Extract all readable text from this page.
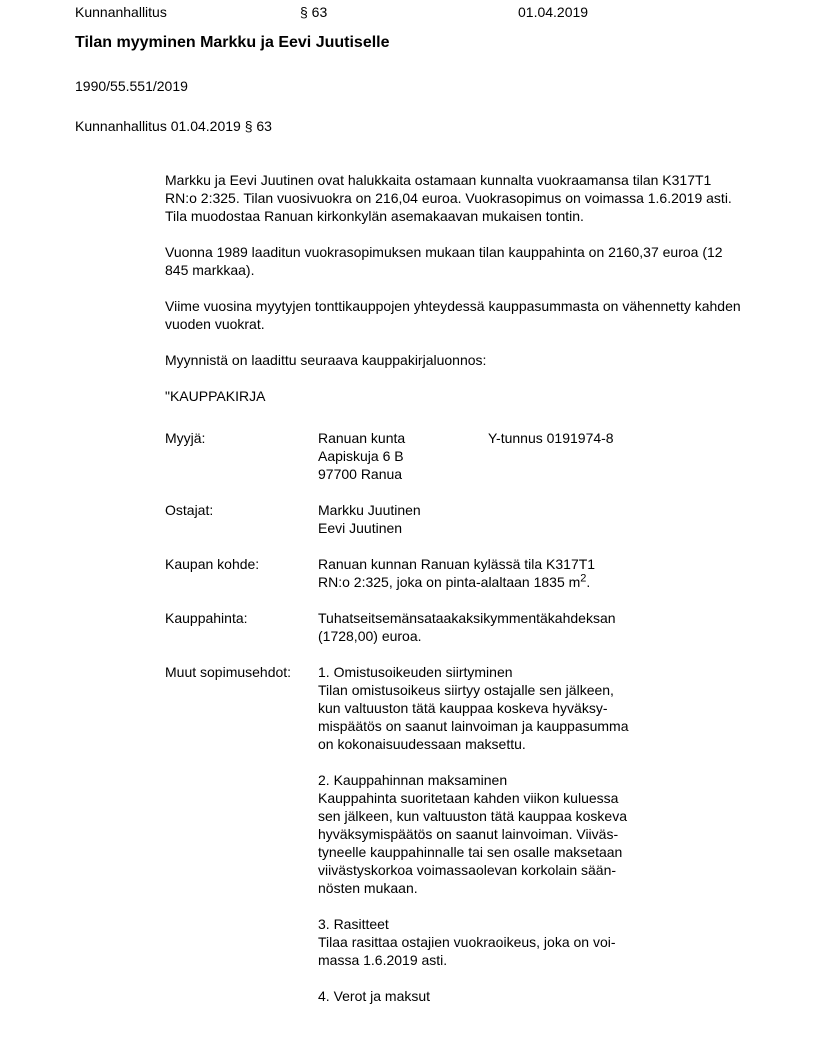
Kunnanhallitus	§ 63	01.04.2019
Tilan myyminen Markku ja Eevi Juutiselle
1990/55.551/2019
Kunnanhallitus 01.04.2019 § 63

Markku ja Eevi Juutinen ovat halukkaita ostamaan kunnalta vuokraamansa tilan K317T1 RN:o 2:325. Tilan vuosivuokra on 216,04 euroa. Vuokrasopimus on voimassa 1.6.2019 asti. Tila muodostaa Ranuan kirkonkylän asemakaavan mukaisen tontin.

Vuonna 1989 laaditun vuokrasopimuksen mukaan tilan kauppahinta on 2160,37 euroa (12 845 markkaa).

Viime vuosina myytyjen tonttikauppojen yhteydessä kauppasummasta on vähennetty kahden vuoden vuokrat.

Myynnistä on laadittu seuraava kauppakirjaluonnos:

"KAUPPAKIRJA
Myyjä:	Ranuan kunta
Aapiskuja 6 B
97700 Ranua
Y-tunnus 0191974-8
Ostajat:	Markku Juutinen
Eevi Juutinen
Kaupan kohde:	Ranuan kunnan Ranuan kylässä tila K317T1
RN:o 2:325, joka on pinta-alaltaan 1835 $m^2$.
Kauppahinta:	Tuhatseitsemänsataakaksikymmentäkahdeksan
(1728,00) euroa.
Muut sopimusehdot:	1. Omistusoikeuden siirtyminen
Tilan omistusoikeus siirtyy ostajalle sen jälkeen,
kun valtuuston tätä kauppaa koskeva hyväksy-
mispäätös on saanut lainvoiman ja kauppasumma
on kokonaisuudessaan maksettu.
2. Kauppahinnan maksaminen
Kauppahinta suoritetaan kahden viikon kuluessa
sen jälkeen, kun valtuuston tätä kauppaa koskeva
hyväksymispäätös on saanut lainvoiman. Viiväs-
tyneelle kauppahinnalle tai sen osalle maksetaan
viivästyskorkoa voimassaolevan korkolain sään-
nösten mukaan.
3. Rasitteet
Tilaa rasittaa ostajien vuokraoikeus, joka on voi-
massa 1.6.2019 asti.
4. Verot ja maksut
